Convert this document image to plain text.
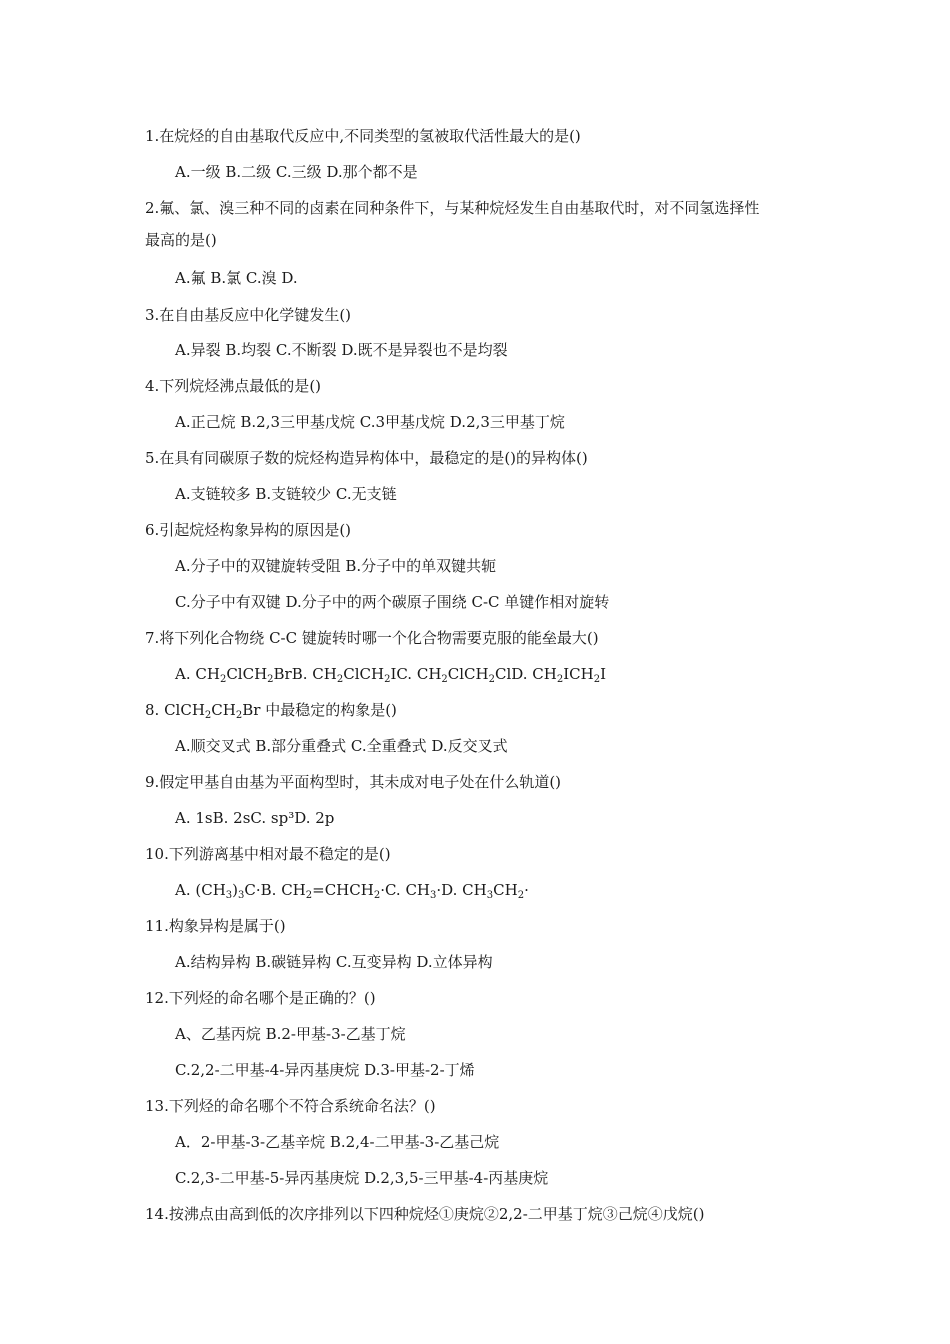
1.在烷烃的自由基取代反应中,不同类型的氢被取代活性最大的是()
A.一级 B.二级 C.三级 D.那个都不是
2.氟、氯、溴三种不同的卤素在同种条件下，与某种烷烃发生自由基取代时，对不同氢选择性
最高的是()
A.氟 B.氯 C.溴 D.
3.在自由基反应中化学键发生()
A.异裂 B.均裂 C.不断裂 D.既不是异裂也不是均裂
4.下列烷烃沸点最低的是()
A.正己烷 B.2,3三甲基戊烷 C.3甲基戊烷 D.2,3三甲基丁烷
5.在具有同碳原子数的烷烃构造异构体中，最稳定的是()的异构体()
A.支链较多 B.支链较少 C.无支链
6.引起烷烃构象异构的原因是()
A.分子中的双键旋转受阻 B.分子中的单双键共轭
C.分子中有双键 D.分子中的两个碳原子围绕 C-C 单键作相对旋转
7.将下列化合物绕 C-C 键旋转时哪一个化合物需要克服的能垒最大()
A. $CH_2ClCH_2BrB$. $CH_2ClCH_2IC$. $CH_2ClCH_2ClD$. $CH_2ICH_2I$
8. $ClCH_2CH_2Br$ 中最稳定的构象是()
A.顺交叉式 B.部分重叠式 C.全重叠式 D.反交叉式
9.假定甲基自由基为平面构型时，其未成对电子处在什么轨道()
A. 1sB. 2sC. sp³D. 2p
10.下列游离基中相对最不稳定的是()
A. $(CH_3)_3C\cdot B$. $CH_2=CHCH_2\cdot C$. $CH_3\cdot D$. $CH_3CH_2\cdot$
11.构象异构是属于()
A.结构异构 B.碳链异构 C.互变异构 D.立体异构
12.下列烃的命名哪个是正确的？()
A、乙基丙烷 B.2-甲基-3-乙基丁烷
C.2,2-二甲基-4-异丙基庚烷 D.3-甲基-2-丁烯
13.下列烃的命名哪个不符合系统命名法？()
A．2-甲基-3-乙基辛烷 B.2,4-二甲基-3-乙基己烷
C.2,3-二甲基-5-异丙基庚烷 D.2,3,5-三甲基-4-丙基庚烷
14.按沸点由高到低的次序排列以下四种烷烃①庚烷②2,2-二甲基丁烷③己烷④戊烷()
